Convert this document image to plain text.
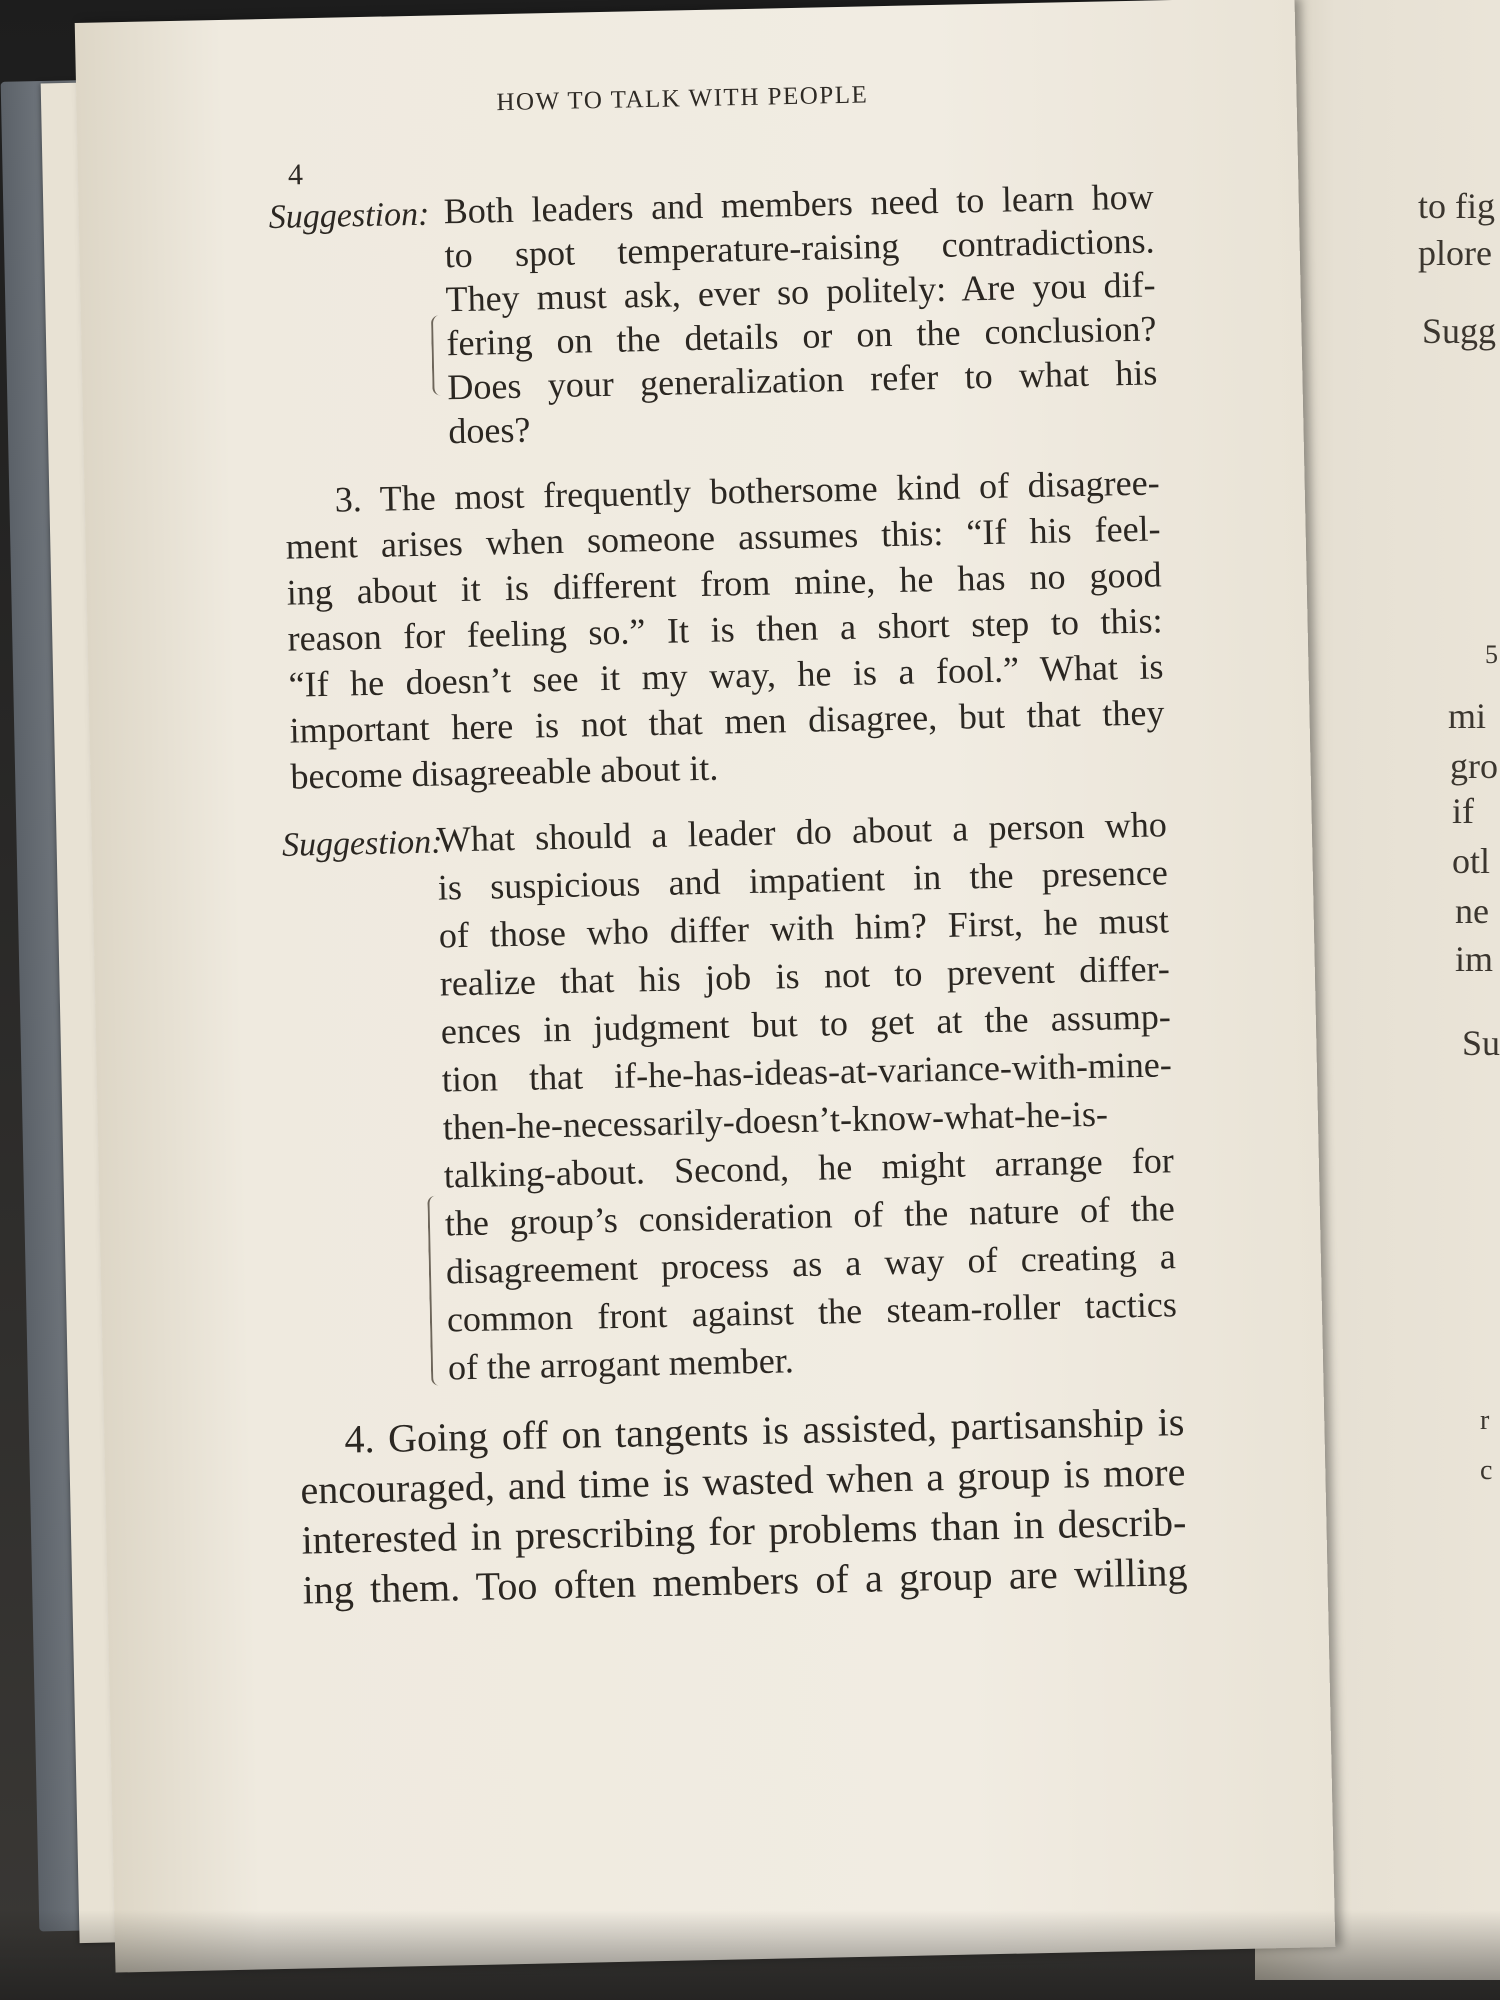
to fig
plore
Sugg
5
mi
gro
if
otl
ne
im
Su
r
c
HOW TO TALK WITH PEOPLE
4
Suggestion: Both leaders and members need to learn how
to spot temperature-raising contradictions.
They must ask, ever so politely: Are you dif-
fering on the details or on the conclusion?
Does your generalization refer to what his
does?
3. The most frequently bothersome kind of disagree-
ment arises when someone assumes this: “If his feel-
ing about it is different from mine, he has no good
reason for feeling so.” It is then a short step to this:
“If he doesn’t see it my way, he is a fool.” What is
important here is not that men disagree, but that they
become disagreeable about it.
Suggestion:
What should a leader do about a person who
is suspicious and impatient in the presence
of those who differ with him? First, he must
realize that his job is not to prevent differ-
ences in judgment but to get at the assump-
tion that if-he-has-ideas-at-variance-with-mine-
then-he-necessarily-doesn’t-know-what-he-is-
talking-about. Second, he might arrange for
the group’s consideration of the nature of the
disagreement process as a way of creating a
common front against the steam-roller tactics
of the arrogant member.
4. Going off on tangents is assisted, partisanship is
encouraged, and time is wasted when a group is more
interested in prescribing for problems than in describ-
ing them. Too often members of a group are willing
